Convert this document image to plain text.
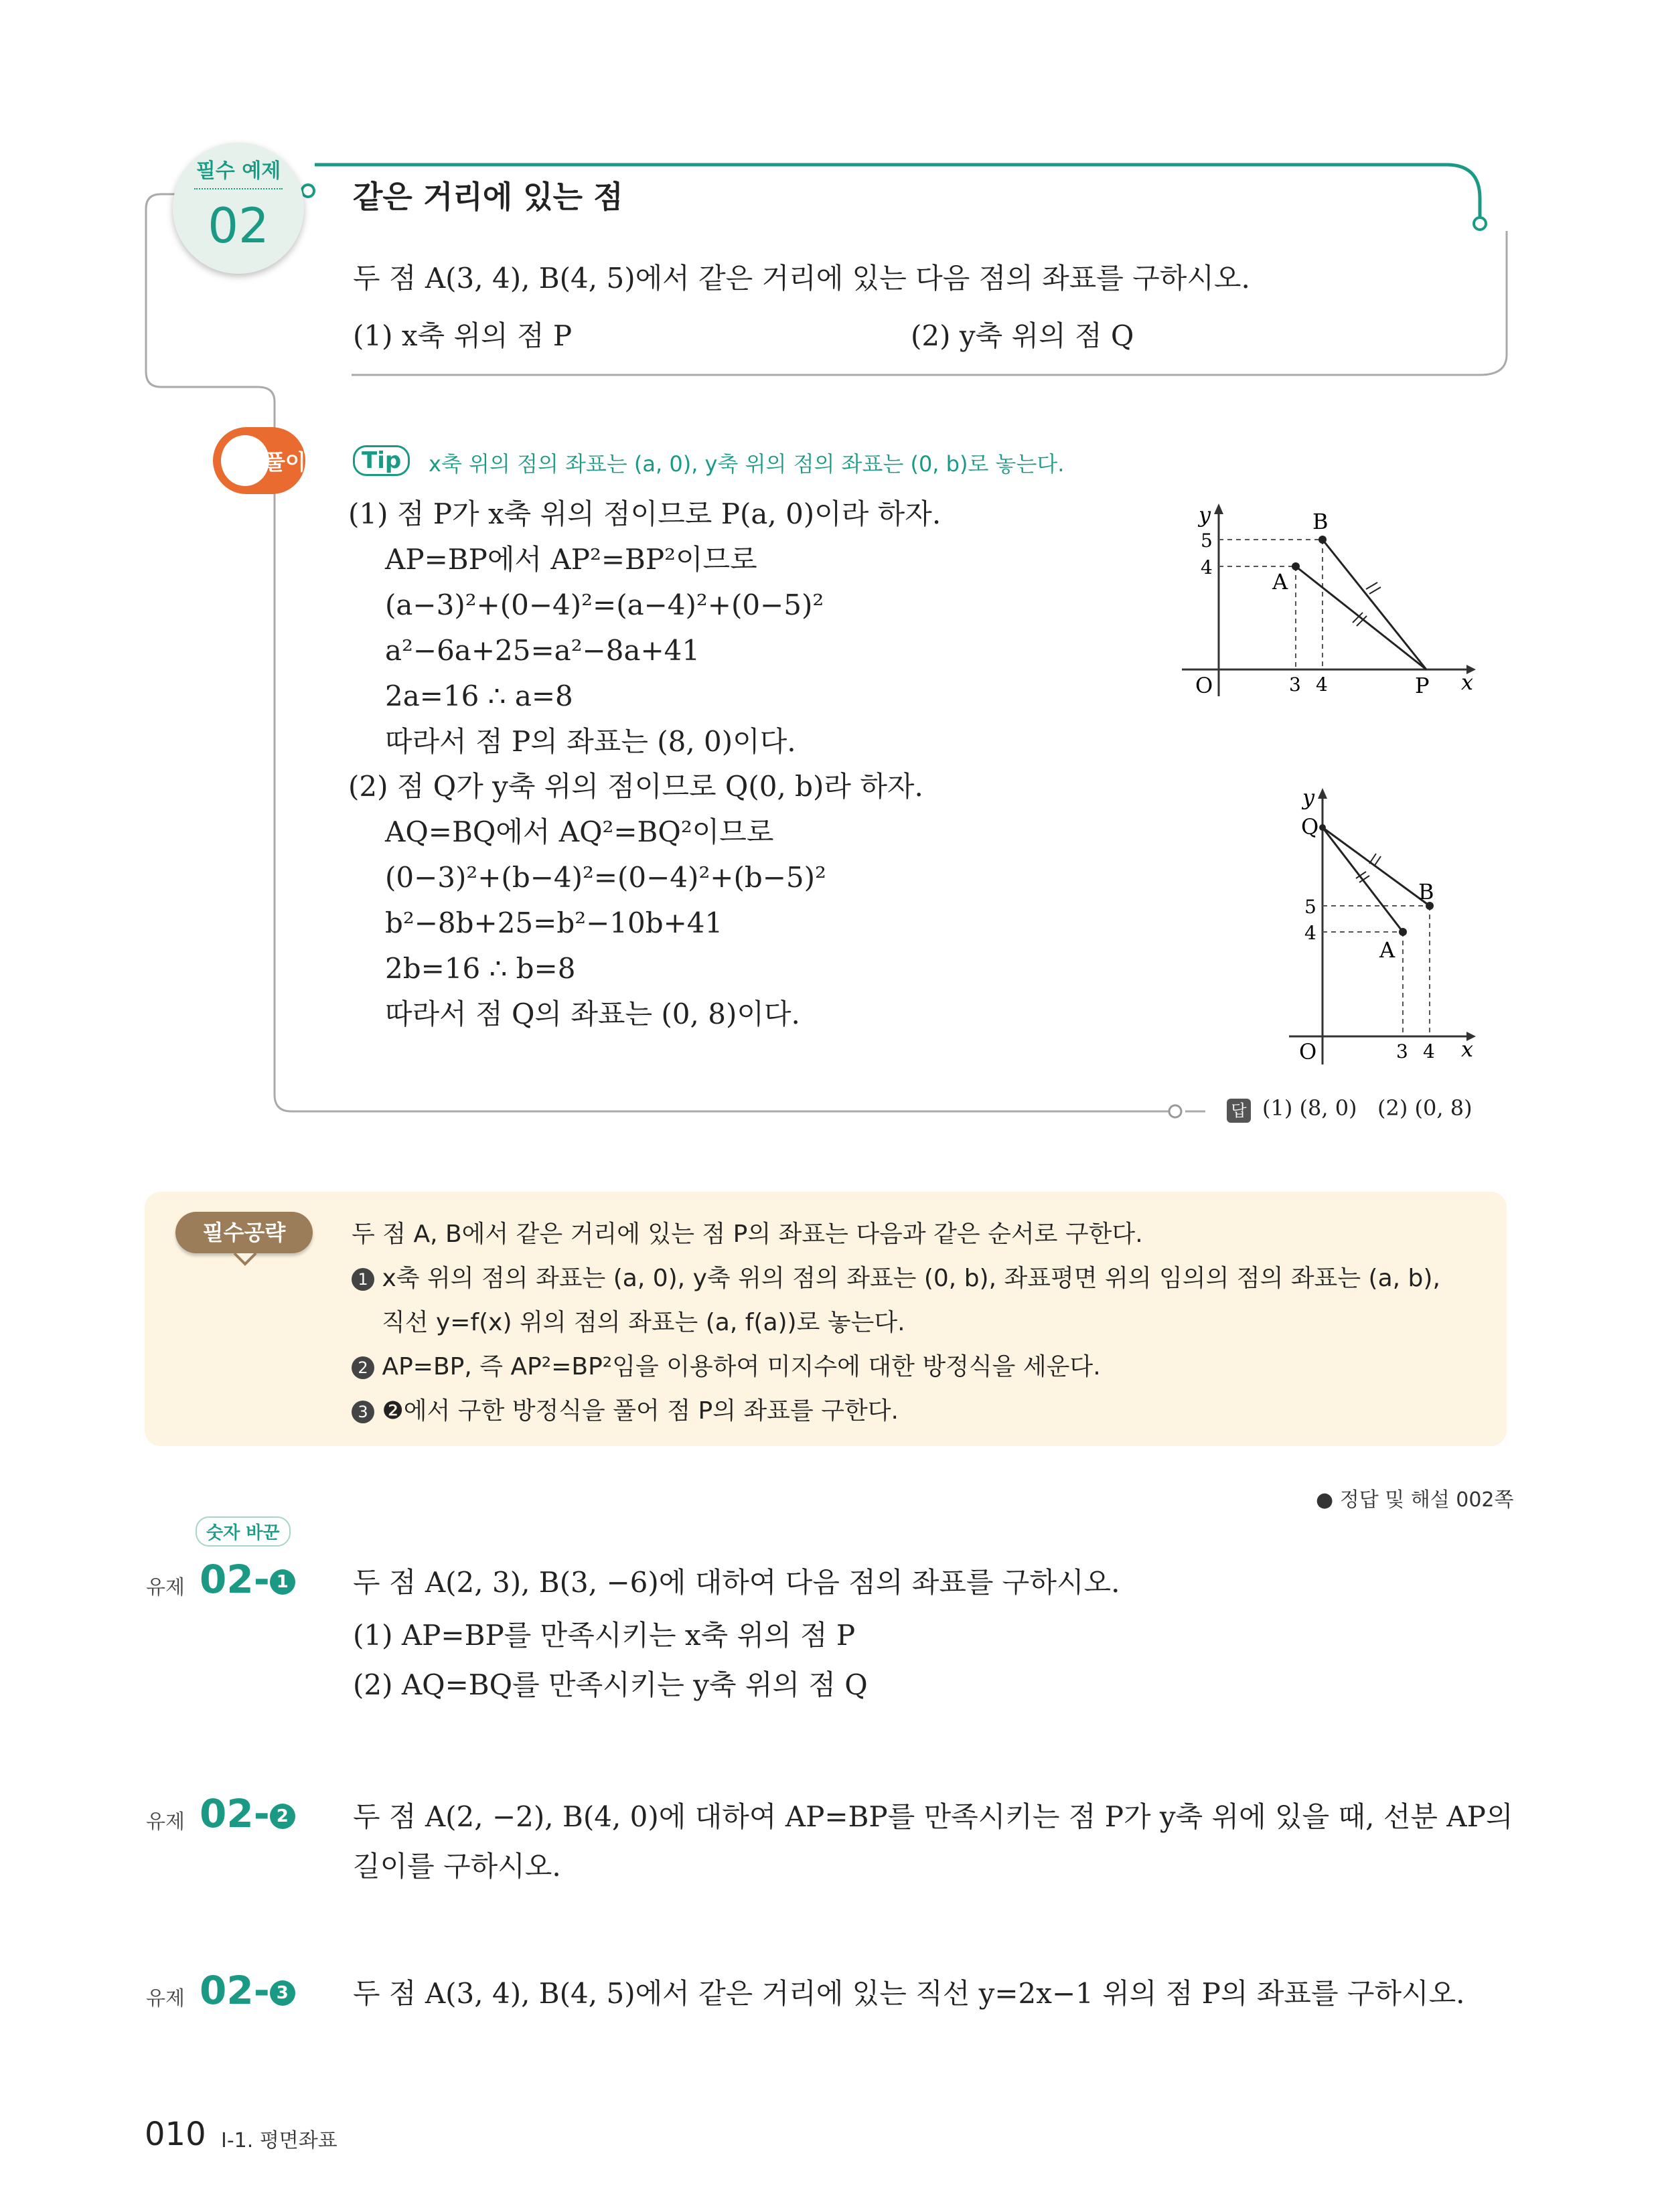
필수 예제
02
같은 거리에 있는 점
두 점 A(3, 4), B(4, 5)에서 같은 거리에 있는 다음 점의 좌표를 구하시오.
(1) x축 위의 점 P	(2) y축 위의 점 Q
풀이	Tip	x축 위의 점의 좌표는 (a, 0), y축 위의 점의 좌표는 (0, b)로 놓는다.
(1) 점 P가 x축 위의 점이므로 P(a, 0)이라 하자.
AP=BP에서 AP²=BP²이므로
(a−3)²+(0−4)²=(a−4)²+(0−5)²
a²−6a+25=a²−8a+41
2a=16 ∴ a=8
따라서 점 P의 좌표는 (8, 0)이다.
(2) 점 Q가 y축 위의 점이므로 Q(0, b)라 하자.
AQ=BQ에서 AQ²=BQ²이므로
(0−3)²+(b−4)²=(0−4)²+(b−5)²
b²−8b+25=b²−10b+41
2b=16 ∴ b=8
따라서 점 Q의 좌표는 (0, 8)이다.
y
x
O	P
A
B
5
4
3 4
y
x
O
Q
A
B
5
4
3 4
답 (1) (8, 0)   (2) (0, 8)
필수공략	두 점 A, B에서 같은 거리에 있는 점 P의 좌표는 다음과 같은 순서로 구한다.
1 x축 위의 점의 좌표는 (a, 0), y축 위의 점의 좌표는 (0, b), 좌표평면 위의 임의의 점의 좌표는 (a, b),
직선 y=f(x) 위의 점의 좌표는 (a, f(a))로 놓는다.
2 AP=BP, 즉 AP²=BP²임을 이용하여 미지수에 대한 방정식을 세운다.
3 ❷에서 구한 방정식을 풀어 점 P의 좌표를 구한다.
● 정답 및 해설 002쪽
숫자 바꾼
유제 02- 1 두 점 A(2, 3), B(3, −6)에 대하여 다음 점의 좌표를 구하시오.
(1) AP=BP를 만족시키는 x축 위의 점 P
(2) AQ=BQ를 만족시키는 y축 위의 점 Q
유제 02- 2 두 점 A(2, −2), B(4, 0)에 대하여 AP=BP를 만족시키는 점 P가 y축 위에 있을 때, 선분 AP의
길이를 구하시오.
유제 02- 3 두 점 A(3, 4), B(4, 5)에서 같은 거리에 있는 직선 y=2x−1 위의 점 P의 좌표를 구하시오.
010 I-1. 평면좌표
